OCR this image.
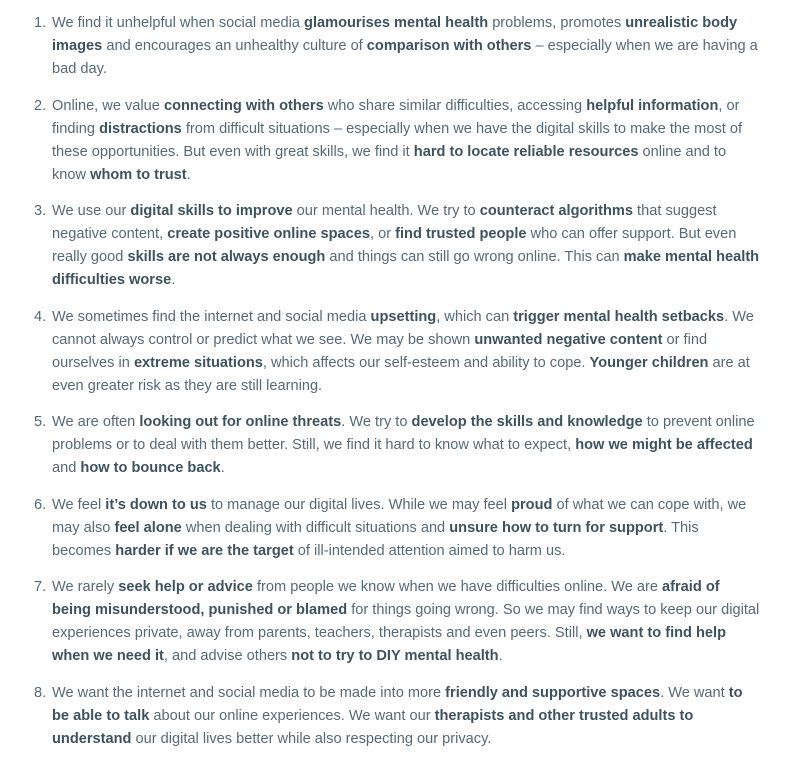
1. We find it unhelpful when social media glamourises mental health problems, promotes unrealistic body images and encourages an unhealthy culture of comparison with others – especially when we are having a bad day.
2. Online, we value connecting with others who share similar difficulties, accessing helpful information, or finding distractions from difficult situations – especially when we have the digital skills to make the most of these opportunities. But even with great skills, we find it hard to locate reliable resources online and to know whom to trust.
3. We use our digital skills to improve our mental health. We try to counteract algorithms that suggest negative content, create positive online spaces, or find trusted people who can offer support. But even really good skills are not always enough and things can still go wrong online. This can make mental health difficulties worse.
4. We sometimes find the internet and social media upsetting, which can trigger mental health setbacks. We cannot always control or predict what we see. We may be shown unwanted negative content or find ourselves in extreme situations, which affects our self-esteem and ability to cope. Younger children are at even greater risk as they are still learning.
5. We are often looking out for online threats. We try to develop the skills and knowledge to prevent online problems or to deal with them better. Still, we find it hard to know what to expect, how we might be affected and how to bounce back.
6. We feel it’s down to us to manage our digital lives. While we may feel proud of what we can cope with, we may also feel alone when dealing with difficult situations and unsure how to turn for support. This becomes harder if we are the target of ill-intended attention aimed to harm us.
7. We rarely seek help or advice from people we know when we have difficulties online. We are afraid of being misunderstood, punished or blamed for things going wrong. So we may find ways to keep our digital experiences private, away from parents, teachers, therapists and even peers. Still, we want to find help when we need it, and advise others not to try to DIY mental health.
8. We want the internet and social media to be made into more friendly and supportive spaces. We want to be able to talk about our online experiences. We want our therapists and other trusted adults to understand our digital lives better while also respecting our privacy.
